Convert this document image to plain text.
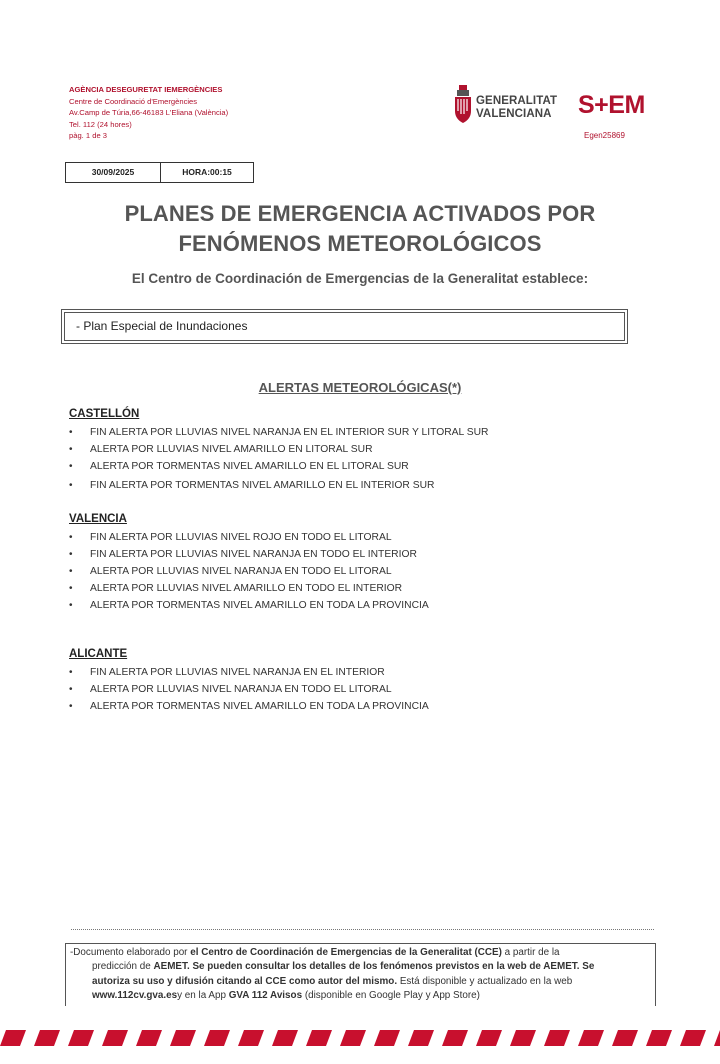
AGÈNCIA DESEGURETAT IEMERGÈNCIES
Centre de Coordinació d'Emergències
Av.Camp de Túria,66-46183 L'Eliana (València)
Tel. 112 (24 hores)
pàg. 1 de 3
GENERALITAT
VALENCIANA S+EM
Egen25869
30/09/2025	HORA:00:15
PLANES DE EMERGENCIA ACTIVADOS POR
FENÓMENOS METEOROLÓGICOS
El Centro de Coordinación de Emergencias de la Generalitat establece:
- Plan Especial de Inundaciones
ALERTAS METEOROLÓGICAS(*)
CASTELLÓN
• FIN ALERTA POR LLUVIAS NIVEL NARANJA EN EL INTERIOR SUR Y LITORAL SUR
• ALERTA POR LLUVIAS NIVEL AMARILLO EN LITORAL SUR
• ALERTA POR TORMENTAS NIVEL AMARILLO EN EL LITORAL SUR
• FIN ALERTA POR TORMENTAS NIVEL AMARILLO EN EL INTERIOR SUR
VALENCIA
• FIN ALERTA POR LLUVIAS NIVEL ROJO EN TODO EL LITORAL
• FIN ALERTA POR LLUVIAS NIVEL NARANJA EN TODO EL INTERIOR
• ALERTA POR LLUVIAS NIVEL NARANJA EN TODO EL LITORAL
• ALERTA POR LLUVIAS NIVEL AMARILLO EN TODO EL INTERIOR
• ALERTA POR TORMENTAS NIVEL AMARILLO EN TODA LA PROVINCIA
ALICANTE
• FIN ALERTA POR LLUVIAS NIVEL NARANJA EN EL INTERIOR
• ALERTA POR LLUVIAS NIVEL NARANJA EN TODO EL LITORAL
• ALERTA POR TORMENTAS NIVEL AMARILLO EN TODA LA PROVINCIA
-Documento elaborado por el Centro de Coordinación de Emergencias de la Generalitat (CCE) a partir de la
predicción de AEMET. Se pueden consultar los detalles de los fenómenos previstos en la web de AEMET. Se
autoriza su uso y difusión citando al CCE como autor del mismo. Está disponible y actualizado en la web
www.112cv.gva.esy en la App GVA 112 Avisos (disponible en Google Play y App Store)
